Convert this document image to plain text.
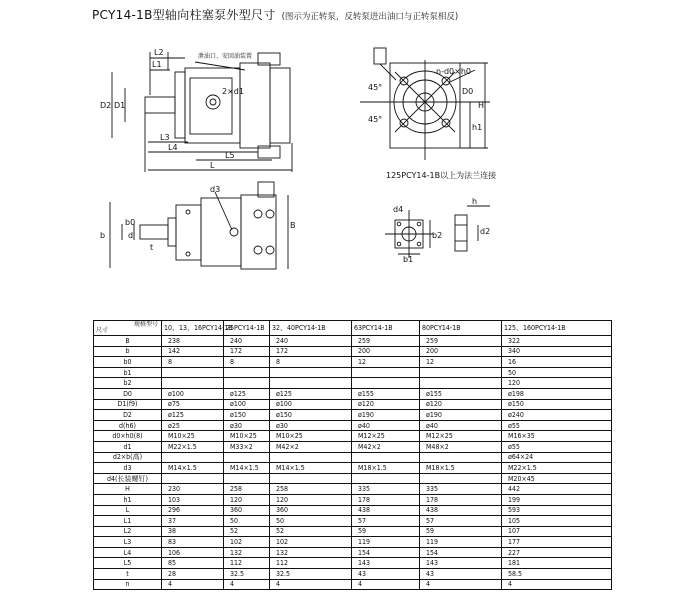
PCY14-1B型轴向柱塞泵外型尺寸 (图示为正转泵，反转泵进出油口与正转泵相反)
泄油口、安回油装置
L2
L1
D2 D1
L3
L4
L5
L
2×d1	45°
45°
n-d0×h0
D0
H
h1
125PCY14-1B以上为法兰连接
b
b0	B
d
d3
t
d4
b2
b1
h
d2
规格型号
尺寸	10、13、16PCY14-1B	25PCY14-1B	32、40PCY14-1B	63PCY14-1B	80PCY14-1B	125、160PCY14-1B
B	238	240	240	259	259	322
b	142	172	172	200	200	340
b0	8	8	8	12	12	16
b1						50
b2						120
D0	ø100	ø125	ø125	ø155	ø155	ø198
D1(f9)	ø75	ø100	ø100	ø120	ø120	ø150
D2	ø125	ø150	ø150	ø190	ø190	ø240
d(h6)	ø25	ø30	ø30	ø40	ø40	ø55
d0×h0(8)	M10×25	M10×25	M10×25	M12×25	M12×25	M16×35
d1	M22×1.5	M33×2	M42×2	M42×2	M48×2	ø55
d2×b(高)						ø64×24
d3	M14×1.5	M14×1.5	M14×1.5	M18×1.5	M18×1.5	M22×1.5
d4(长装螺钉)						M20×45
H	230	258	258	335	335	442
h1	103	120	120	178	178	199
L	296	360	360	438	438	593
L1	37	50	50	57	57	105
L2	38	52	52	59	59	107
L3	83	102	102	119	119	177
L4	106	132	132	154	154	227
L5	85	112	112	143	143	181
t	28	32.5	32.5	43	43	58.5
n	4	4	4	4	4	4
